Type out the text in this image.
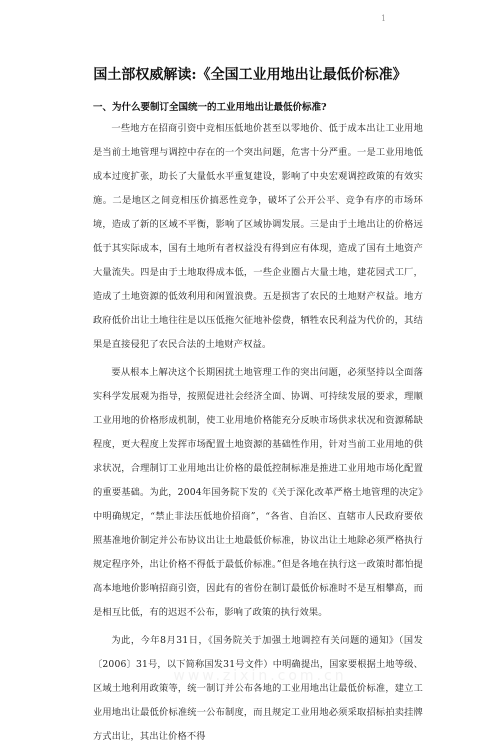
1
国土部权威解读:《全国工业用地出让最低价标准》
一、为什么要制订全国统一的工业用地出让最低价标准?

一些地方在招商引资中竞相压低地价甚至以零地价、低于成本出让工业用地是当前土地管理与调控中存在的一个突出问题，危害十分严重。一是工业用地低成本过度扩张，助长了大量低水平重复建设，影响了中央宏观调控政策的有效实施。二是地区之间竞相压价搞恶性竞争，破坏了公开公平、竞争有序的市场环境，造成了新的区域不平衡，影响了区域协调发展。三是由于土地出让的价格远低于其实际成本，国有土地所有者权益没有得到应有体现，造成了国有土地资产大量流失。四是由于土地取得成本低，一些企业圈占大量土地，建花园式工厂，造成了土地资源的低效利用和闲置浪费。五是损害了农民的土地财产权益。地方政府低价出让土地往往是以压低拖欠征地补偿费，牺牲农民利益为代价的，其结果是直接侵犯了农民合法的土地财产权益。

要从根本上解决这个长期困扰土地管理工作的突出问题，必须坚持以全面落实科学发展观为指导，按照促进社会经济全面、协调、可持续发展的要求，理顺工业用地的价格形成机制，使工业用地价格能充分反映市场供求状况和资源稀缺程度，更大程度上发挥市场配置土地资源的基础性作用，针对当前工业用地的供求状况，合理制订工业用地出让价格的最低控制标准是推进工业用地市场化配置的重要基础。为此，2004年国务院下发的《关于深化改革严格土地管理的决定》中明确规定，“禁止非法压低地价招商”，“各省、自治区、直辖市人民政府要依照基准地价制定并公布协议出让土地最低价标准，协议出让土地除必须严格执行规定程序外，出让价格不得低于最低价标准。”但是各地在执行这一政策时都怕提高本地地价影响招商引资，因此有的省份在制订最低价标准时不是互相攀高，而是相互比低，有的迟迟不公布，影响了政策的执行效果。

为此，今年8月31日，《国务院关于加强土地调控有关问题的通知》（国发〔2006〕31号，以下简称国发31号文件）中明确提出，国家要根据土地等级、区域土地利用政策等，统一制订并公布各地的工业用地出让最低价标准，建立工业用地出让最低价标准统一公布制度，而且规定工业用地必须采取招标拍卖挂牌方式出让，其出让价格不得

www.zixin.com.cn
